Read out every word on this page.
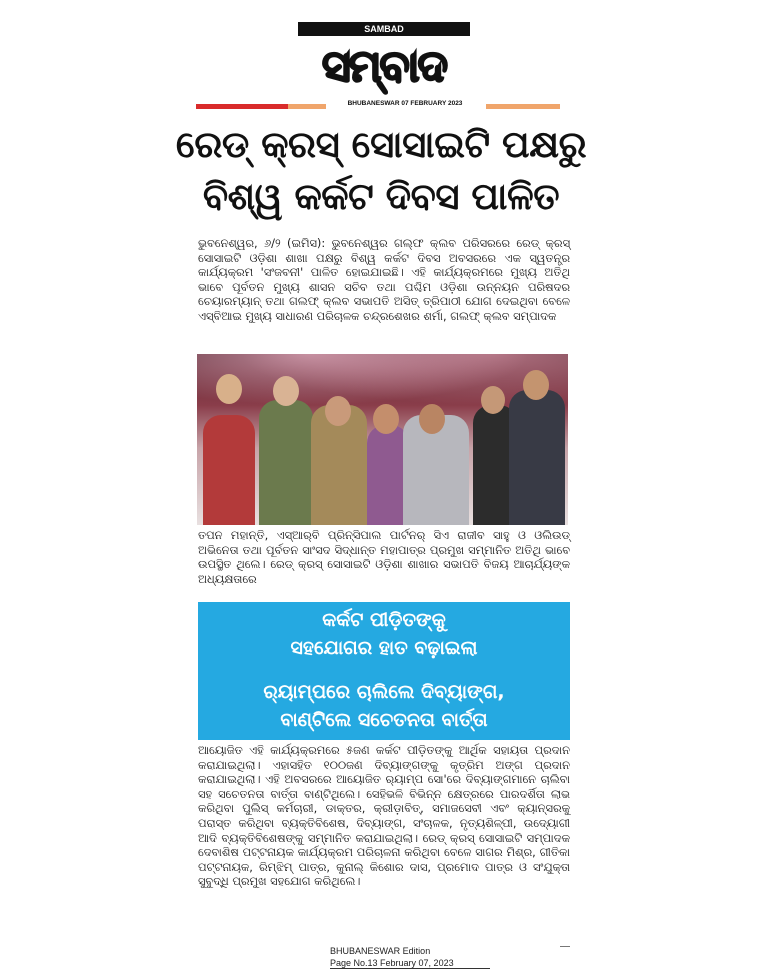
SAMBAD
ସମ୍ବାଦ
BHUBANESWAR 07 FEBRUARY 2023
ରେଡ୍ କ୍ରସ୍ ସୋସାଇଟି ପକ୍ଷରୁ
ବିଶ୍ୱ କର୍କଟ ଦିବସ ପାଳିତ
ଭୁବନେଶ୍ୱର, ୬/୨ (ଇମିସ): ଭୁବନେଶ୍ୱର ଗଲ୍ଫ କ୍ଲବ ପରିସରରେ ରେଡ୍ କ୍ରସ୍ ସୋସାଇଟି ଓଡ଼ିଶା ଶାଖା ପକ୍ଷରୁ ବିଶ୍ୱ କର୍କଟ ଦିବସ ଅବସରରେ ଏକ ସ୍ୱତନ୍ତ୍ର କାର୍ଯ୍ୟକ୍ରମ 'ସଂଜବନୀ' ପାଳିତ ହୋଇଯାଇଛି। ଏହି କାର୍ଯ୍ୟକ୍ରମରେ ମୁଖ୍ୟ ଅତିଥି ଭାବେ ପୂର୍ବତନ ମୁଖ୍ୟ ଶାସନ ସଚିବ ତଥା ପଶ୍ଚିମ ଓଡ଼ିଶା ଉନ୍ନୟନ ପରିଷଦର ଚେୟାରମ୍ୟାନ୍ ତଥା ଗଲଫ୍ କ୍ଲବ ସଭାପତି ଅସିତ୍ ତ୍ରିପାଠୀ ଯୋଗ ଦେଇଥିବା ବେଳେ ଏସ୍‌ବିଆଇ ମୁଖ୍ୟ ସାଧାରଣ ପରିଚାଳକ ଚନ୍ଦ୍ରଶେଖର ଶର୍ମା, ଗଲଫ୍ କ୍ଲବ ସମ୍ପାଦକ
ତପନ ମହାନ୍ତି, ଏସ୍‌ଆର୍‌ବି ପ୍ରିନ୍ସିପାଲ ପାର୍ଟନର୍ ସିଏ ରାଜୀବ ସାହୁ ଓ ଓଲିଉଡ୍ ଅଭିନେତା ତଥା ପୂର୍ବତନ ସାଂସଦ ସିଦ୍ଧାନ୍ତ ମହାପାତ୍ର ପ୍ରମୁଖ ସମ୍ମାନିତ ଅତିଥି ଭାବେ ଉପସ୍ଥିତ ଥିଲେ। ରେଡ୍ କ୍ରସ୍ ସୋସାଇଟି ଓଡ଼ିଶା ଶାଖାର ସଭାପତି ବିଜୟ ଆଚାର୍ଯ୍ୟଙ୍କ ଅଧ୍ୟକ୍ଷତାରେ
କର୍କଟ ପୀଡ଼ିତଙ୍କୁ
ସହଯୋଗର ହାତ ବଢ଼ାଇଲା
ର‍୍ୟାମ୍ପରେ ଚାଲିଲେ ଦିବ୍ୟାଙ୍ଗ,
ବାଣ୍ଟିଲେ ସଚେତନତା ବାର୍ତ୍ତା
ଆୟୋଜିତ ଏହି କାର୍ଯ୍ୟକ୍ରମରେ ୫ଜଣ କର୍କଟ ପୀଡ଼ିତଙ୍କୁ ଆର୍ଥିକ ସହାୟତା ପ୍ରଦାନ କରାଯାଇଥିଲା। ଏହାସହିତ ୧୦୦ଜଣ ଦିବ୍ୟାଙ୍ଗଙ୍କୁ କୃତ୍ରିମ ଅଙ୍ଗ ପ୍ରଦାନ କରାଯାଇଥିଲା। ଏହି ଅବସରରେ ଆୟୋଜିତ ର‍୍ୟାମ୍ପ ସୋ'ରେ ଦିବ୍ୟାଙ୍ଗମାନେ ଚାଲିବା ସହ ସଚେତନତା ବାର୍ତ୍ତା ବାଣ୍ଟିଥିଲେ। ସେହିଭଳି ବିଭିନ୍ନ କ୍ଷେତ୍ରରେ ପାରଦର୍ଶିତା ଲାଭ କରିଥିବା ପୁଲିସ୍ କର୍ମଚାରୀ, ଡାକ୍ତର, କ୍ରୀଡ଼ାବିତ୍, ସମାଜସେବୀ ଏବଂ କ୍ୟାନ୍ସରକୁ ପରାସ୍ତ କରିଥିବା ବ୍ୟକ୍ତିବିଶେଷ, ଦିବ୍ୟାଙ୍ଗ, ସଂଚାଳକ, ନୃତ୍ୟଶିଳ୍ପୀ, ଉଦ୍ୟୋଗୀ ଆଦି ବ୍ୟକ୍ତିବିଶେଷଙ୍କୁ ସମ୍ମାନିତ କରାଯାଇଥିଲା। ରେଡ୍ କ୍ରସ୍ ସୋସାଇଟି ସମ୍ପାଦକ ଦେବାଶିଷ ପଟ୍ଟନାୟକ କାର୍ଯ୍ୟକ୍ରମ ପରିଚାଳନା କରିଥିବା ବେଳେ ସାଗର ମିଶ୍ର, ଗୀତିକା ପଟ୍ଟନାୟକ, ରିମ୍‌ଝିମ୍ ପାତ୍ର, କୁନାଲ୍ କିଶୋର ଦାସ, ପ୍ରମୋଦ ପାତ୍ର ଓ ସଂଯୁକ୍ତା ସୁବୁଦ୍ଧି ପ୍ରମୁଖ ସହଯୋଗ କରିଥିଲେ।
BHUBANESWAR Edition
Page No.13 February 07, 2023
